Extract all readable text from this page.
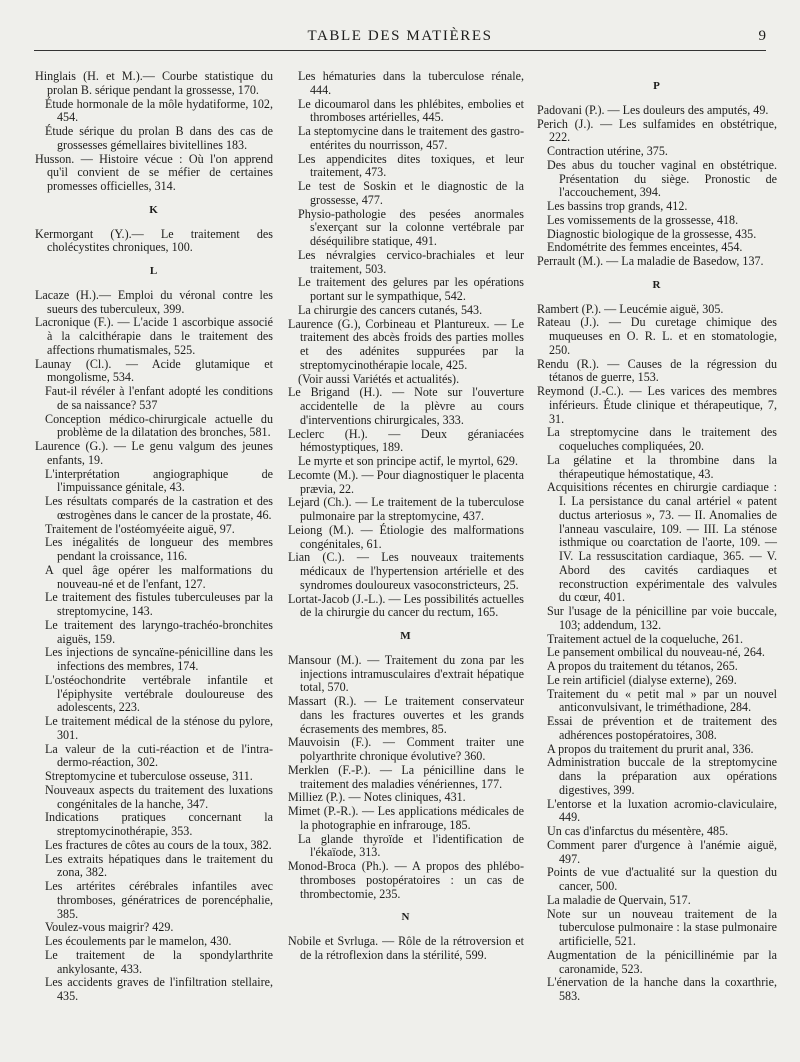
TABLE DES MATIÈRES	9
Hinglais (H. et M.).— Courbe statistique du prolan B. sérique pendant la grossesse, 170.
Étude hormonale de la môle hydatiforme, 102, 454.
Étude sérique du prolan B dans des cas de grossesses gémellaires bivitellines 183.
Husson. — Histoire vécue : Où l'on apprend qu'il convient de se méfier de certaines promesses officielles, 314.
K
Kermorgant (Y.).— Le traitement des cholécystites chroniques, 100.
L
Lacaze (H.).— Emploi du véronal contre les sueurs des tuberculeux, 399.
Lacronique (F.). — L'acide 1 ascorbique associé à la calcithérapie dans le traitement des affections rhumatismales, 525.
Launay (Cl.). — Acide glutamique et mongolisme, 534.
Faut-il révéler à l'enfant adopté les conditions de sa naissance? 537
Conception médico-chirurgicale actuelle du problème de la dilatation des bronches, 581.
Laurence (G.). — Le genu valgum des jeunes enfants, 19.
L'interprétation angiographique de l'impuissance génitale, 43.
Les résultats comparés de la castration et des œstrogènes dans le cancer de la prostate, 46.
Traitement de l'ostéomyéeite aiguë, 97.
Les inégalités de longueur des membres pendant la croissance, 116.
A quel âge opérer les malformations du nouveau-né et de l'enfant, 127.
Le traitement des fistules tuberculeuses par la streptomycine, 143.
Le traitement des laryngo-trachéo-bronchites aiguës, 159.
Les injections de syncaïne-pénicilline dans les infections des membres, 174.
L'ostéochondrite vertébrale infantile et l'épiphysite vertébrale douloureuse des adolescents, 223.
Le traitement médical de la sténose du pylore, 301.
La valeur de la cuti-réaction et de l'intra-dermo-réaction, 302.
Streptomycine et tuberculose osseuse, 311.
Nouveaux aspects du traitement des luxations congénitales de la hanche, 347.
Indications pratiques concernant la streptomycinothérapie, 353.
Les fractures de côtes au cours de la toux, 382.
Les extraits hépatiques dans le traitement du zona, 382.
Les artérites cérébrales infantiles avec thromboses, génératrices de porencéphalie, 385.
Voulez-vous maigrir? 429.
Les écoulements par le mamelon, 430.
Le traitement de la spondylarthrite ankylosante, 433.
Les accidents graves de l'infiltration stellaire, 435.
Les hématuries dans la tuberculose rénale, 444.
Le dicoumarol dans les phlébites, embolies et thromboses artérielles, 445.
La steptomycine dans le traitement des gastro-entérites du nourrisson, 457.
Les appendicites dites toxiques, et leur traitement, 473.
Le test de Soskin et le diagnostic de la grossesse, 477.
Physio-pathologie des pesées anormales s'exerçant sur la colonne vertébrale par déséquilibre statique, 491.
Les névralgies cervico-brachiales et leur traitement, 503.
Le traitement des gelures par les opérations portant sur le sympathique, 542.
La chirurgie des cancers cutanés, 543.
Laurence (G.), Corbineau et Plantureux. — Le traitement des abcès froids des parties molles et des adénites suppurées par la streptomycinothérapie locale, 425.
(Voir aussi Variétés et actualités).
Le Brigand (H.). — Note sur l'ouverture accidentelle de la plèvre au cours d'interventions chirurgicales, 333.
Leclerc (H.). — Deux géraniacées hémostyptiques, 189.
Le myrte et son principe actif, le myrtol, 629.
Lecomte (M.). — Pour diagnostiquer le placenta prævia, 22.
Lejard (Ch.). — Le traitement de la tuberculose pulmonaire par la streptomycine, 437.
Leiong (M.). — Étiologie des malformations congénitales, 61.
Lian (C.). — Les nouveaux traitements médicaux de l'hypertension artérielle et des syndromes douloureux vasoconstricteurs, 25.
Lortat-Jacob (J.-L.). — Les possibilités actuelles de la chirurgie du cancer du rectum, 165.
M
Mansour (M.). — Traitement du zona par les injections intramusculaires d'extrait hépatique total, 570.
Massart (R.). — Le traitement conservateur dans les fractures ouvertes et les grands écrasements des membres, 85.
Mauvoisin (F.). — Comment traiter une polyarthrite chronique évolutive? 360.
Merklen (F.-P.). — La pénicilline dans le traitement des maladies vénériennes, 177.
Milliez (P.). — Notes cliniques, 431.
Mimet (P.-R.). — Les applications médicales de la photographie en infrarouge, 185.
La glande thyroïde et l'identification de l'ékaïode, 313.
Monod-Broca (Ph.). — A propos des phlébo-thromboses postopératoires : un cas de thrombectomie, 235.
N
Nobile et Svrluga. — Rôle de la rétroversion et de la rétroflexion dans la stérilité, 599.
P
Padovani (P.). — Les douleurs des amputés, 49.
Perich (J.). — Les sulfamides en obstétrique, 222.
Contraction utérine, 375.
Des abus du toucher vaginal en obstétrique. Présentation du siège. Pronostic de l'accouchement, 394.
Les bassins trop grands, 412.
Les vomissements de la grossesse, 418.
Diagnostic biologique de la grossesse, 435.
Endométrite des femmes enceintes, 454.
Perrault (M.). — La maladie de Basedow, 137.
R
Rambert (P.). — Leucémie aiguë, 305.
Rateau (J.). — Du curetage chimique des muqueuses en O. R. L. et en stomatologie, 250.
Rendu (R.). — Causes de la régression du tétanos de guerre, 153.
Reymond (J.-C.). — Les varices des membres inférieurs. Étude clinique et thérapeutique, 7, 31.
La streptomycine dans le traitement des coqueluches compliquées, 20.
La gélatine et la thrombine dans la thérapeutique hémostatique, 43.
Acquisitions récentes en chirurgie cardiaque : I. La persistance du canal artériel « patent ductus arteriosus », 73. — II. Anomalies de l'anneau vasculaire, 109. — III. La sténose isthmique ou coarctation de l'aorte, 109. — IV. La ressuscitation cardiaque, 365. — V. Abord des cavités cardiaques et reconstruction expérimentale des valvules du cœur, 401.
Sur l'usage de la pénicilline par voie buccale, 103; addendum, 132.
Traitement actuel de la coqueluche, 261.
Le pansement ombilical du nouveau-né, 264.
A propos du traitement du tétanos, 265.
Le rein artificiel (dialyse externe), 269.
Traitement du « petit mal » par un nouvel anticonvulsivant, le triméthadione, 284.
Essai de prévention et de traitement des adhérences postopératoires, 308.
A propos du traitement du prurit anal, 336.
Administration buccale de la streptomycine dans la préparation aux opérations digestives, 399.
L'entorse et la luxation acromio-claviculaire, 449.
Un cas d'infarctus du mésentère, 485.
Comment parer d'urgence à l'anémie aiguë, 497.
Points de vue d'actualité sur la question du cancer, 500.
La maladie de Quervain, 517.
Note sur un nouveau traitement de la tuberculose pulmonaire : la stase pulmonaire artificielle, 521.
Augmentation de la pénicillinémie par la caronamide, 523.
L'énervation de la hanche dans la coxarthrie, 583.
